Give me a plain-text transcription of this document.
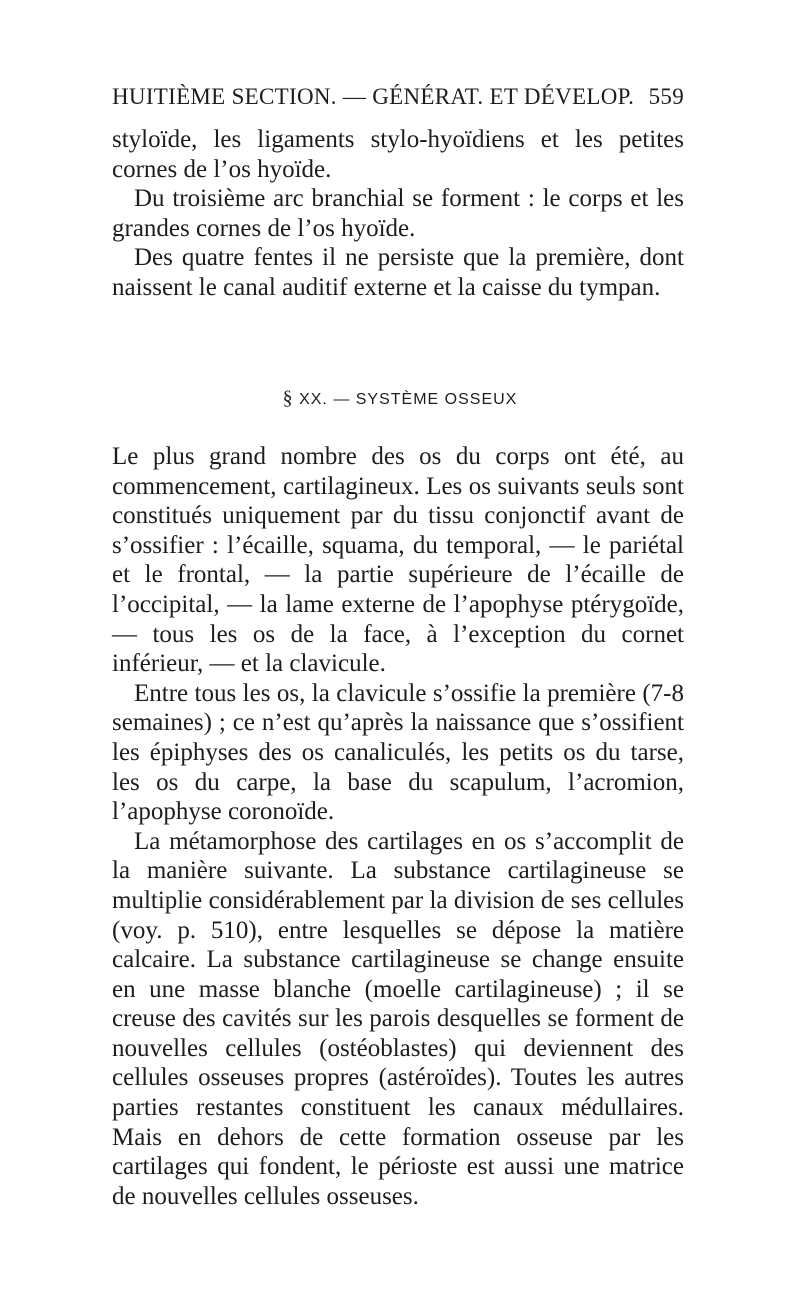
HUITIÈME SECTION. — GÉNÉRAT. ET DÉVELOP. 559

styloïde, les ligaments stylo-hyoïdiens et les petites cornes de l’os hyoïde.

Du troisième arc branchial se forment : le corps et les grandes cornes de l’os hyoïde.

Des quatre fentes il ne persiste que la première, dont naissent le canal auditif externe et la caisse du tympan.

§ XX. — SYSTÈME OSSEUX

Le plus grand nombre des os du corps ont été, au commencement, cartilagineux. Les os suivants seuls sont constitués uniquement par du tissu conjonctif avant de s’ossifier : l’écaille, squama, du temporal, — le pariétal et le frontal, — la partie supérieure de l’écaille de l’occipital, — la lame externe de l’apophyse ptérygoïde, — tous les os de la face, à l’exception du cornet inférieur, — et la clavicule.

Entre tous les os, la clavicule s’ossifie la première (7-8 semaines) ; ce n’est qu’après la naissance que s’ossifient les épiphyses des os canaliculés, les petits os du tarse, les os du carpe, la base du scapulum, l’acromion, l’apophyse coronoïde.

La métamorphose des cartilages en os s’accomplit de la manière suivante. La substance cartilagineuse se multiplie considérablement par la division de ses cellules (voy. p. 510), entre lesquelles se dépose la matière calcaire. La substance cartilagineuse se change ensuite en une masse blanche (moelle cartilagineuse) ; il se creuse des cavités sur les parois desquelles se forment de nouvelles cellules (ostéoblastes) qui deviennent des cellules osseuses propres (astéroïdes). Toutes les autres parties restantes constituent les canaux médullaires. Mais en dehors de cette formation osseuse par les cartilages qui fondent, le périoste est aussi une matrice de nouvelles cellules osseuses.
